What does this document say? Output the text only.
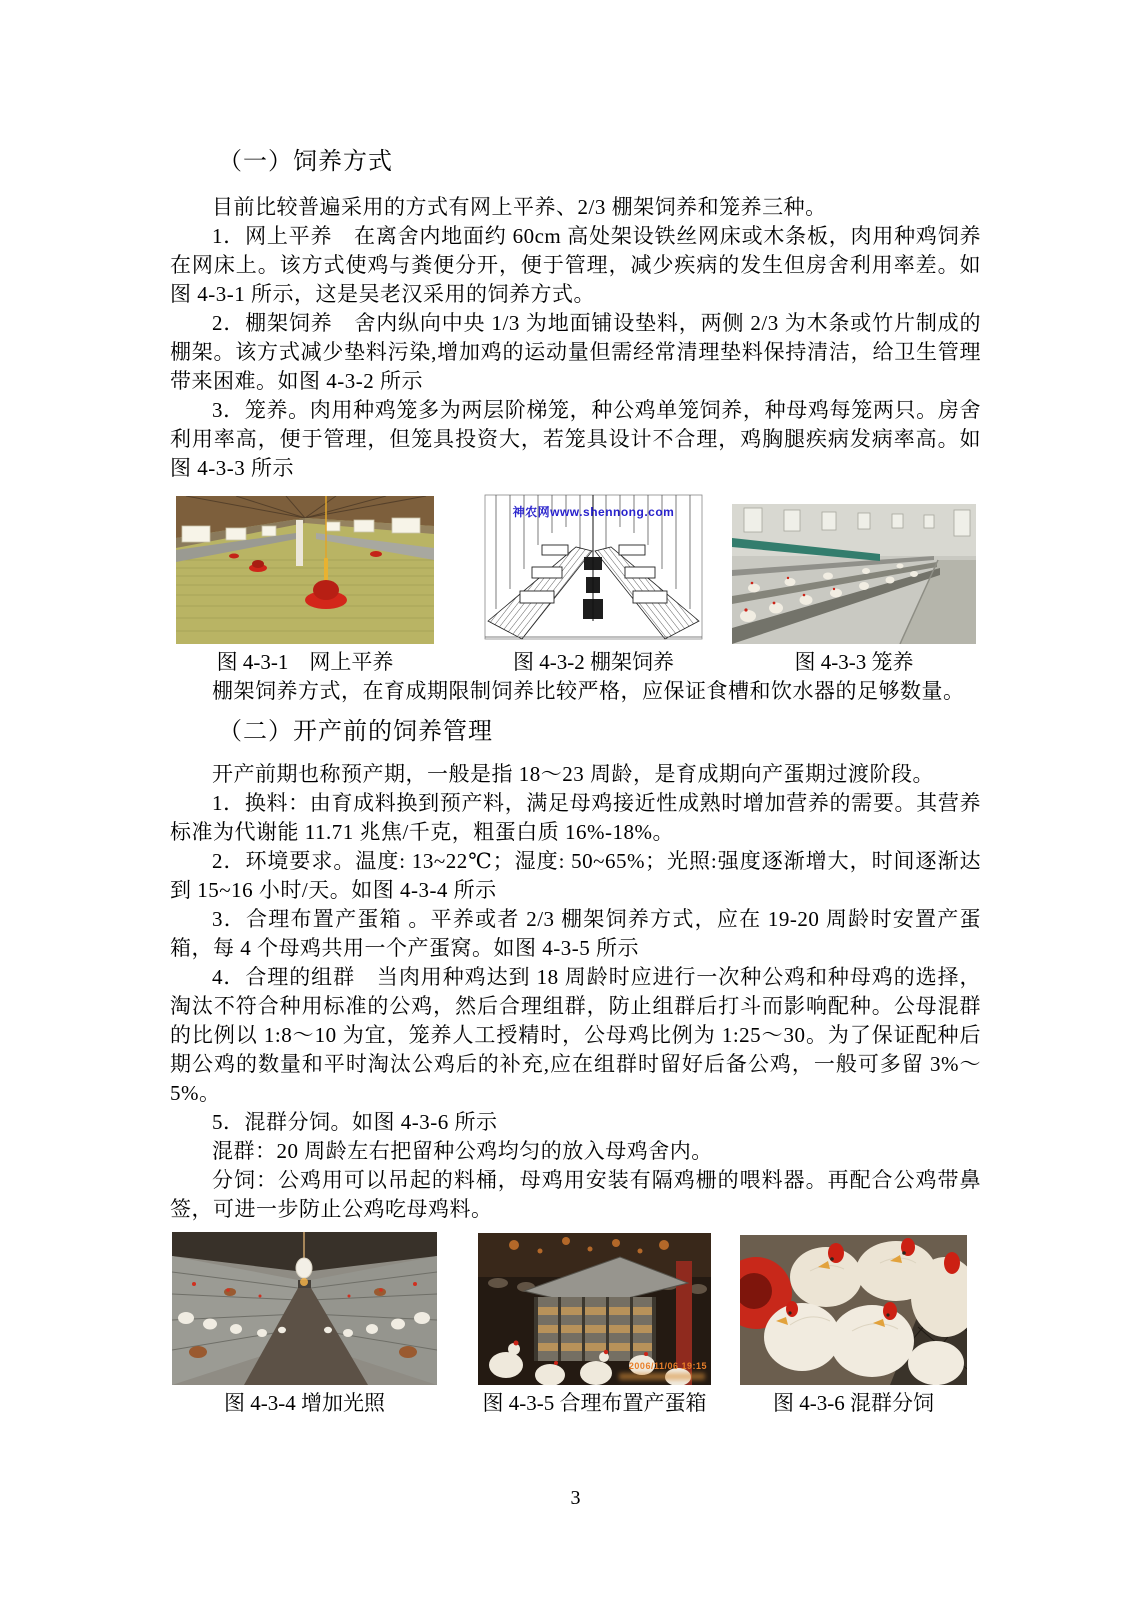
（一）饲养方式

目前比较普遍采用的方式有网上平养、2/3 棚架饲养和笼养三种。

1．网上平养　在离舍内地面约 60cm 高处架设铁丝网床或木条板，肉用种鸡饲养在网床上。该方式使鸡与粪便分开，便于管理，减少疾病的发生但房舍利用率差。如图 4-3-1 所示，这是吴老汉采用的饲养方式。

2．棚架饲养　舍内纵向中央 1/3 为地面铺设垫料，两侧 2/3 为木条或竹片制成的棚架。该方式减少垫料污染,增加鸡的运动量但需经常清理垫料保持清洁，给卫生管理带来困难。如图 4-3-2 所示

3．笼养。肉用种鸡笼多为两层阶梯笼，种公鸡单笼饲养，种母鸡每笼两只。房舍利用率高，便于管理，但笼具投资大，若笼具设计不合理，鸡胸腿疾病发病率高。如图 4-3-3 所示

图 4-3-1　网上平养
神农网www.shennong.com
图 4-3-2 棚架饲养	图 4-3-3 笼养

棚架饲养方式，在育成期限制饲养比较严格，应保证食槽和饮水器的足够数量。

（二）开产前的饲养管理

开产前期也称预产期，一般是指 18～23 周龄，是育成期向产蛋期过渡阶段。

1．换料：由育成料换到预产料，满足母鸡接近性成熟时增加营养的需要。其营养标准为代谢能 11.71 兆焦/千克，粗蛋白质 16%-18%。

2．环境要求。温度: 13~22℃；湿度: 50~65%；光照:强度逐渐增大，时间逐渐达到 15~16 小时/天。如图 4-3-4 所示

3．合理布置产蛋箱 。平养或者 2/3 棚架饲养方式，应在 19-20 周龄时安置产蛋箱，每 4 个母鸡共用一个产蛋窝。如图 4-3-5 所示

4．合理的组群　当肉用种鸡达到 18 周龄时应进行一次种公鸡和种母鸡的选择，淘汰不符合种用标准的公鸡，然后合理组群，防止组群后打斗而影响配种。公母混群的比例以 1:8～10 为宜，笼养人工授精时，公母鸡比例为 1:25～30。为了保证配种后期公鸡的数量和平时淘汰公鸡后的补充,应在组群时留好后备公鸡，一般可多留 3%～5%。

5．混群分饲。如图 4-3-6 所示

混群：20 周龄左右把留种公鸡均匀的放入母鸡舍内。

分饲：公鸡用可以吊起的料桶，母鸡用安装有隔鸡栅的喂料器。再配合公鸡带鼻签，可进一步防止公鸡吃母鸡料。

图 4-3-4 增加光照
2006/11/06 19:15
图 4-3-5 合理布置产蛋箱	图 4-3-6 混群分饲
3
